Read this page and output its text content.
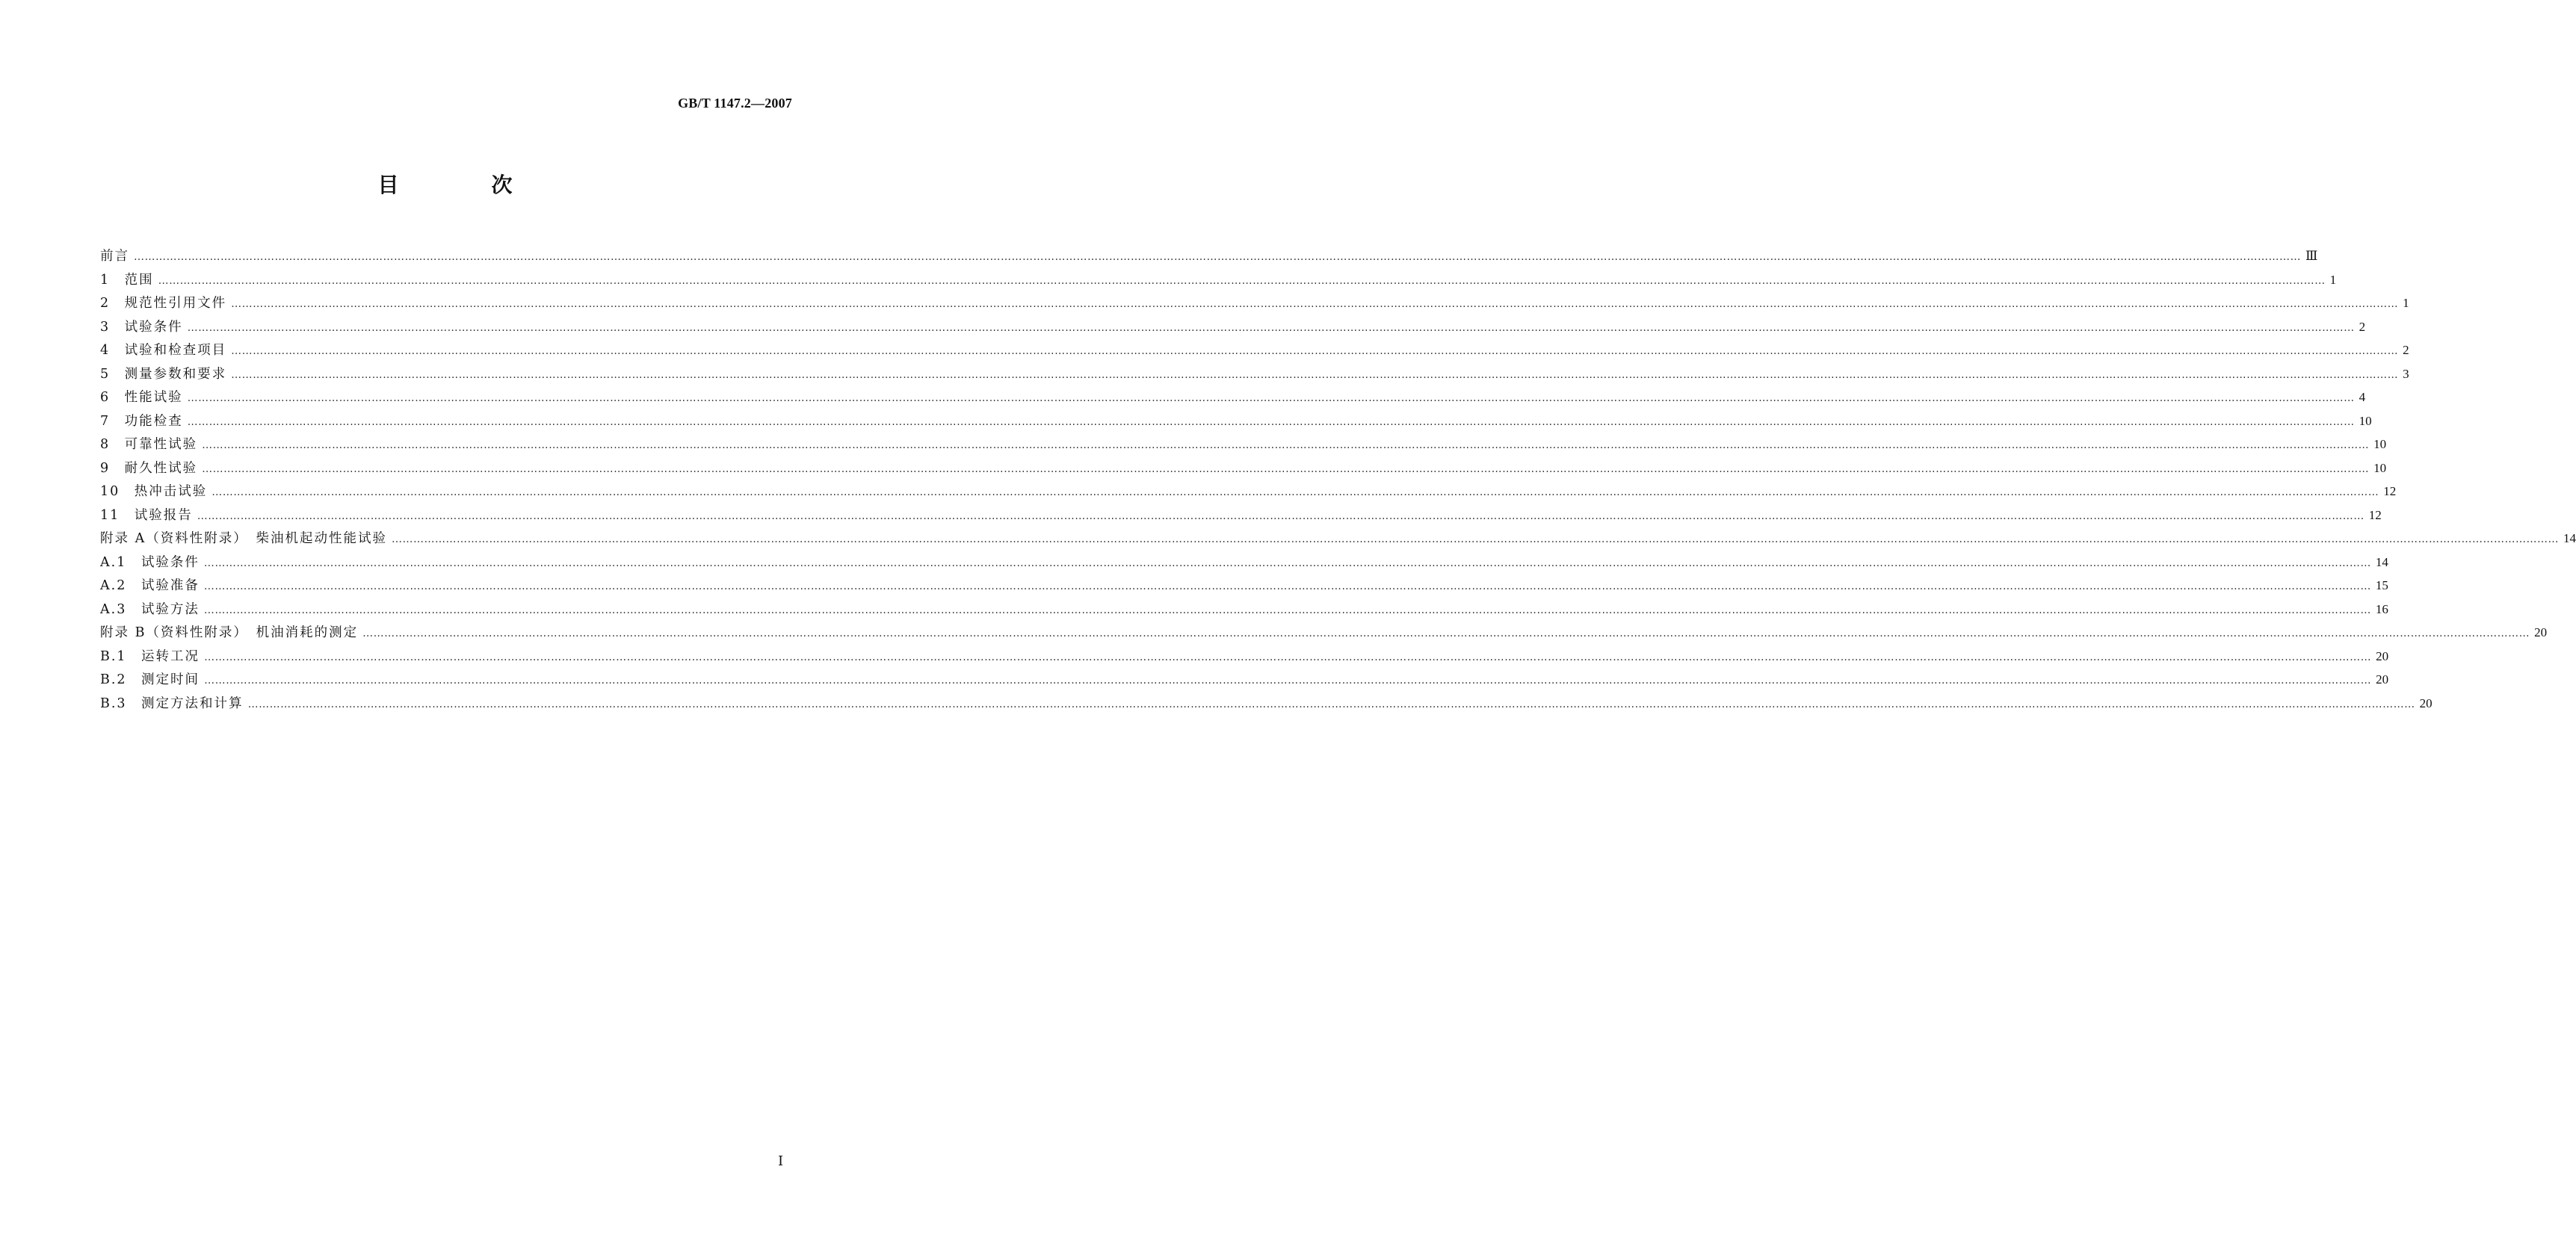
GB/T 1147.2—2007
目　次
前言 …………………………………………………………………………………………………………………………………………………………………………………………………………………………………………………………………………………………………………………………………………………………………………………………………………………………………………………………………………………………………………………………………………………… Ⅲ
1　范围 …………………………………………………………………………………………………………………………………………………………………………………………………………………………………………………………………………………………………………………………………………………………………………………………………………………………………………………………………………………………………………………………………………………… 1
2　规范性引用文件 …………………………………………………………………………………………………………………………………………………………………………………………………………………………………………………………………………………………………………………………………………………………………………………………………………………………………………………………………………………………………………………………………………………… 1
3　试验条件 …………………………………………………………………………………………………………………………………………………………………………………………………………………………………………………………………………………………………………………………………………………………………………………………………………………………………………………………………………………………………………………………………………………… 2
4　试验和检查项目 …………………………………………………………………………………………………………………………………………………………………………………………………………………………………………………………………………………………………………………………………………………………………………………………………………………………………………………………………………………………………………………………………………………… 2
5　测量参数和要求 …………………………………………………………………………………………………………………………………………………………………………………………………………………………………………………………………………………………………………………………………………………………………………………………………………………………………………………………………………………………………………………………………………………… 3
6　性能试验 …………………………………………………………………………………………………………………………………………………………………………………………………………………………………………………………………………………………………………………………………………………………………………………………………………………………………………………………………………………………………………………………………………………… 4
7　功能检查 …………………………………………………………………………………………………………………………………………………………………………………………………………………………………………………………………………………………………………………………………………………………………………………………………………………………………………………………………………………………………………………………………………………… 10
8　可靠性试验 …………………………………………………………………………………………………………………………………………………………………………………………………………………………………………………………………………………………………………………………………………………………………………………………………………………………………………………………………………………………………………………………………………………… 10
9　耐久性试验 …………………………………………………………………………………………………………………………………………………………………………………………………………………………………………………………………………………………………………………………………………………………………………………………………………………………………………………………………………………………………………………………………………………… 10
10　热冲击试验 …………………………………………………………………………………………………………………………………………………………………………………………………………………………………………………………………………………………………………………………………………………………………………………………………………………………………………………………………………………………………………………………………………………… 12
11　试验报告 …………………………………………………………………………………………………………………………………………………………………………………………………………………………………………………………………………………………………………………………………………………………………………………………………………………………………………………………………………………………………………………………………………………… 12
附录 A（资料性附录）　柴油机起动性能试验 …………………………………………………………………………………………………………………………………………………………………………………………………………………………………………………………………………………………………………………………………………………………………………………………………………………………………………………………………………………………………………………………………………………… 14
A.1　试验条件 …………………………………………………………………………………………………………………………………………………………………………………………………………………………………………………………………………………………………………………………………………………………………………………………………………………………………………………………………………………………………………………………………………………… 14
A.2　试验准备 …………………………………………………………………………………………………………………………………………………………………………………………………………………………………………………………………………………………………………………………………………………………………………………………………………………………………………………………………………………………………………………………………………………… 15
A.3　试验方法 …………………………………………………………………………………………………………………………………………………………………………………………………………………………………………………………………………………………………………………………………………………………………………………………………………………………………………………………………………………………………………………………………………………… 16
附录 B（资料性附录）　机油消耗的测定 …………………………………………………………………………………………………………………………………………………………………………………………………………………………………………………………………………………………………………………………………………………………………………………………………………………………………………………………………………………………………………………………………………………… 20
B.1　运转工况 …………………………………………………………………………………………………………………………………………………………………………………………………………………………………………………………………………………………………………………………………………………………………………………………………………………………………………………………………………………………………………………………………………………… 20
B.2　测定时间 …………………………………………………………………………………………………………………………………………………………………………………………………………………………………………………………………………………………………………………………………………………………………………………………………………………………………………………………………………………………………………………………………………………… 20
B.3　测定方法和计算 …………………………………………………………………………………………………………………………………………………………………………………………………………………………………………………………………………………………………………………………………………………………………………………………………………………………………………………………………………………………………………………………………………………… 20
Ⅰ
